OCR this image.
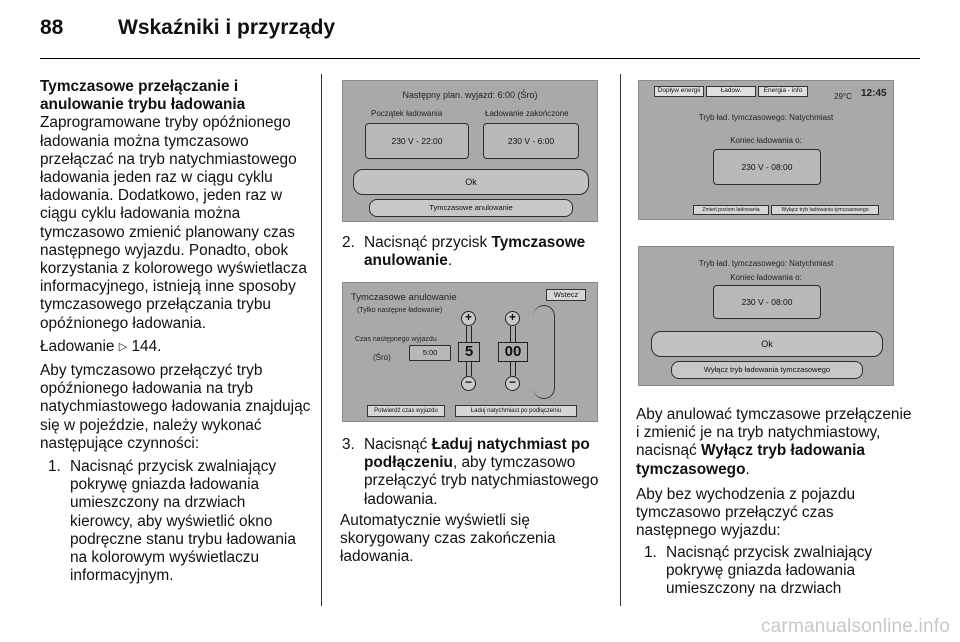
88	Wskaźniki i przyrządy

Tymczasowe przełączanie i
anulowanie trybu ładowania

Zaprogramowane tryby opóźnionego ładowania można tymczasowo przełączać na tryb natychmiastowego ładowania jeden raz w ciągu cyklu ładowania. Dodatkowo, jeden raz w ciągu cyklu ładowania można tymczasowo zmienić planowany czas następnego wyjazdu. Ponadto, obok korzystania z kolorowego wyświetlacza informacyjnego, istnieją inne sposoby tymczasowego przełączania trybu opóźnionego ładowania.

Ładowanie ▷ 144.

Aby tymczasowo przełączyć tryb opóźnionego ładowania na tryb natychmiastowego ładowania znajdując się w pojeździe, należy wykonać następujące czynności:

1. Nacisnąć przycisk zwalniający pokrywę gniazda ładowania umieszczony na drzwiach kierowcy, aby wyświetlić okno podręczne stanu trybu ładowania na kolorowym wyświetlaczu informacyjnym.
Następny plan. wyjazd: 6:00 (Śro)
Początek ładowania	Ładowanie zakończone
230 V - 22:00	230 V - 6:00
Ok
Tymczasowe anulowanie
2. Nacisnąć przycisk Tymczasowe anulowanie.
Tymczasowe anulowanie
(Tylko następne ładowanie)
Wstecz
Czas następnego wyjazdu
(Śro)
5:00
+
5
−
+
00
−
Potwierdź czas wyjazdu	Ładuj natychmiast po podłączeniu
3. Nacisnąć Ładuj natychmiast po podłączeniu, aby tymczasowo przełączyć tryb natychmiastowego ładowania.

Automatycznie wyświetli się skorygowany czas zakończenia ładowania.

Dopływ energii	Ładow.	Energia - info
29°C 12:45
Tryb ład. tymczasowego: Natychmiast
Koniec ładowania o:
230 V - 08:00
Zmień poziom ładowania	Wyłącz tryb ładowania tymczasowego
Tryb ład. tymczasowego: Natychmiast
Koniec ładowania o:
230 V - 08:00
Ok
Wyłącz tryb ładowania tymczasowego

Aby anulować tymczasowe przełączenie i zmienić je na tryb natychmiastowy, nacisnąć Wyłącz tryb ładowania tymczasowego.

Aby bez wychodzenia z pojazdu tymczasowo przełączyć czas następnego wyjazdu:

1. Nacisnąć przycisk zwalniający pokrywę gniazda ładowania umieszczony na drzwiach
carmanualsonline.info
